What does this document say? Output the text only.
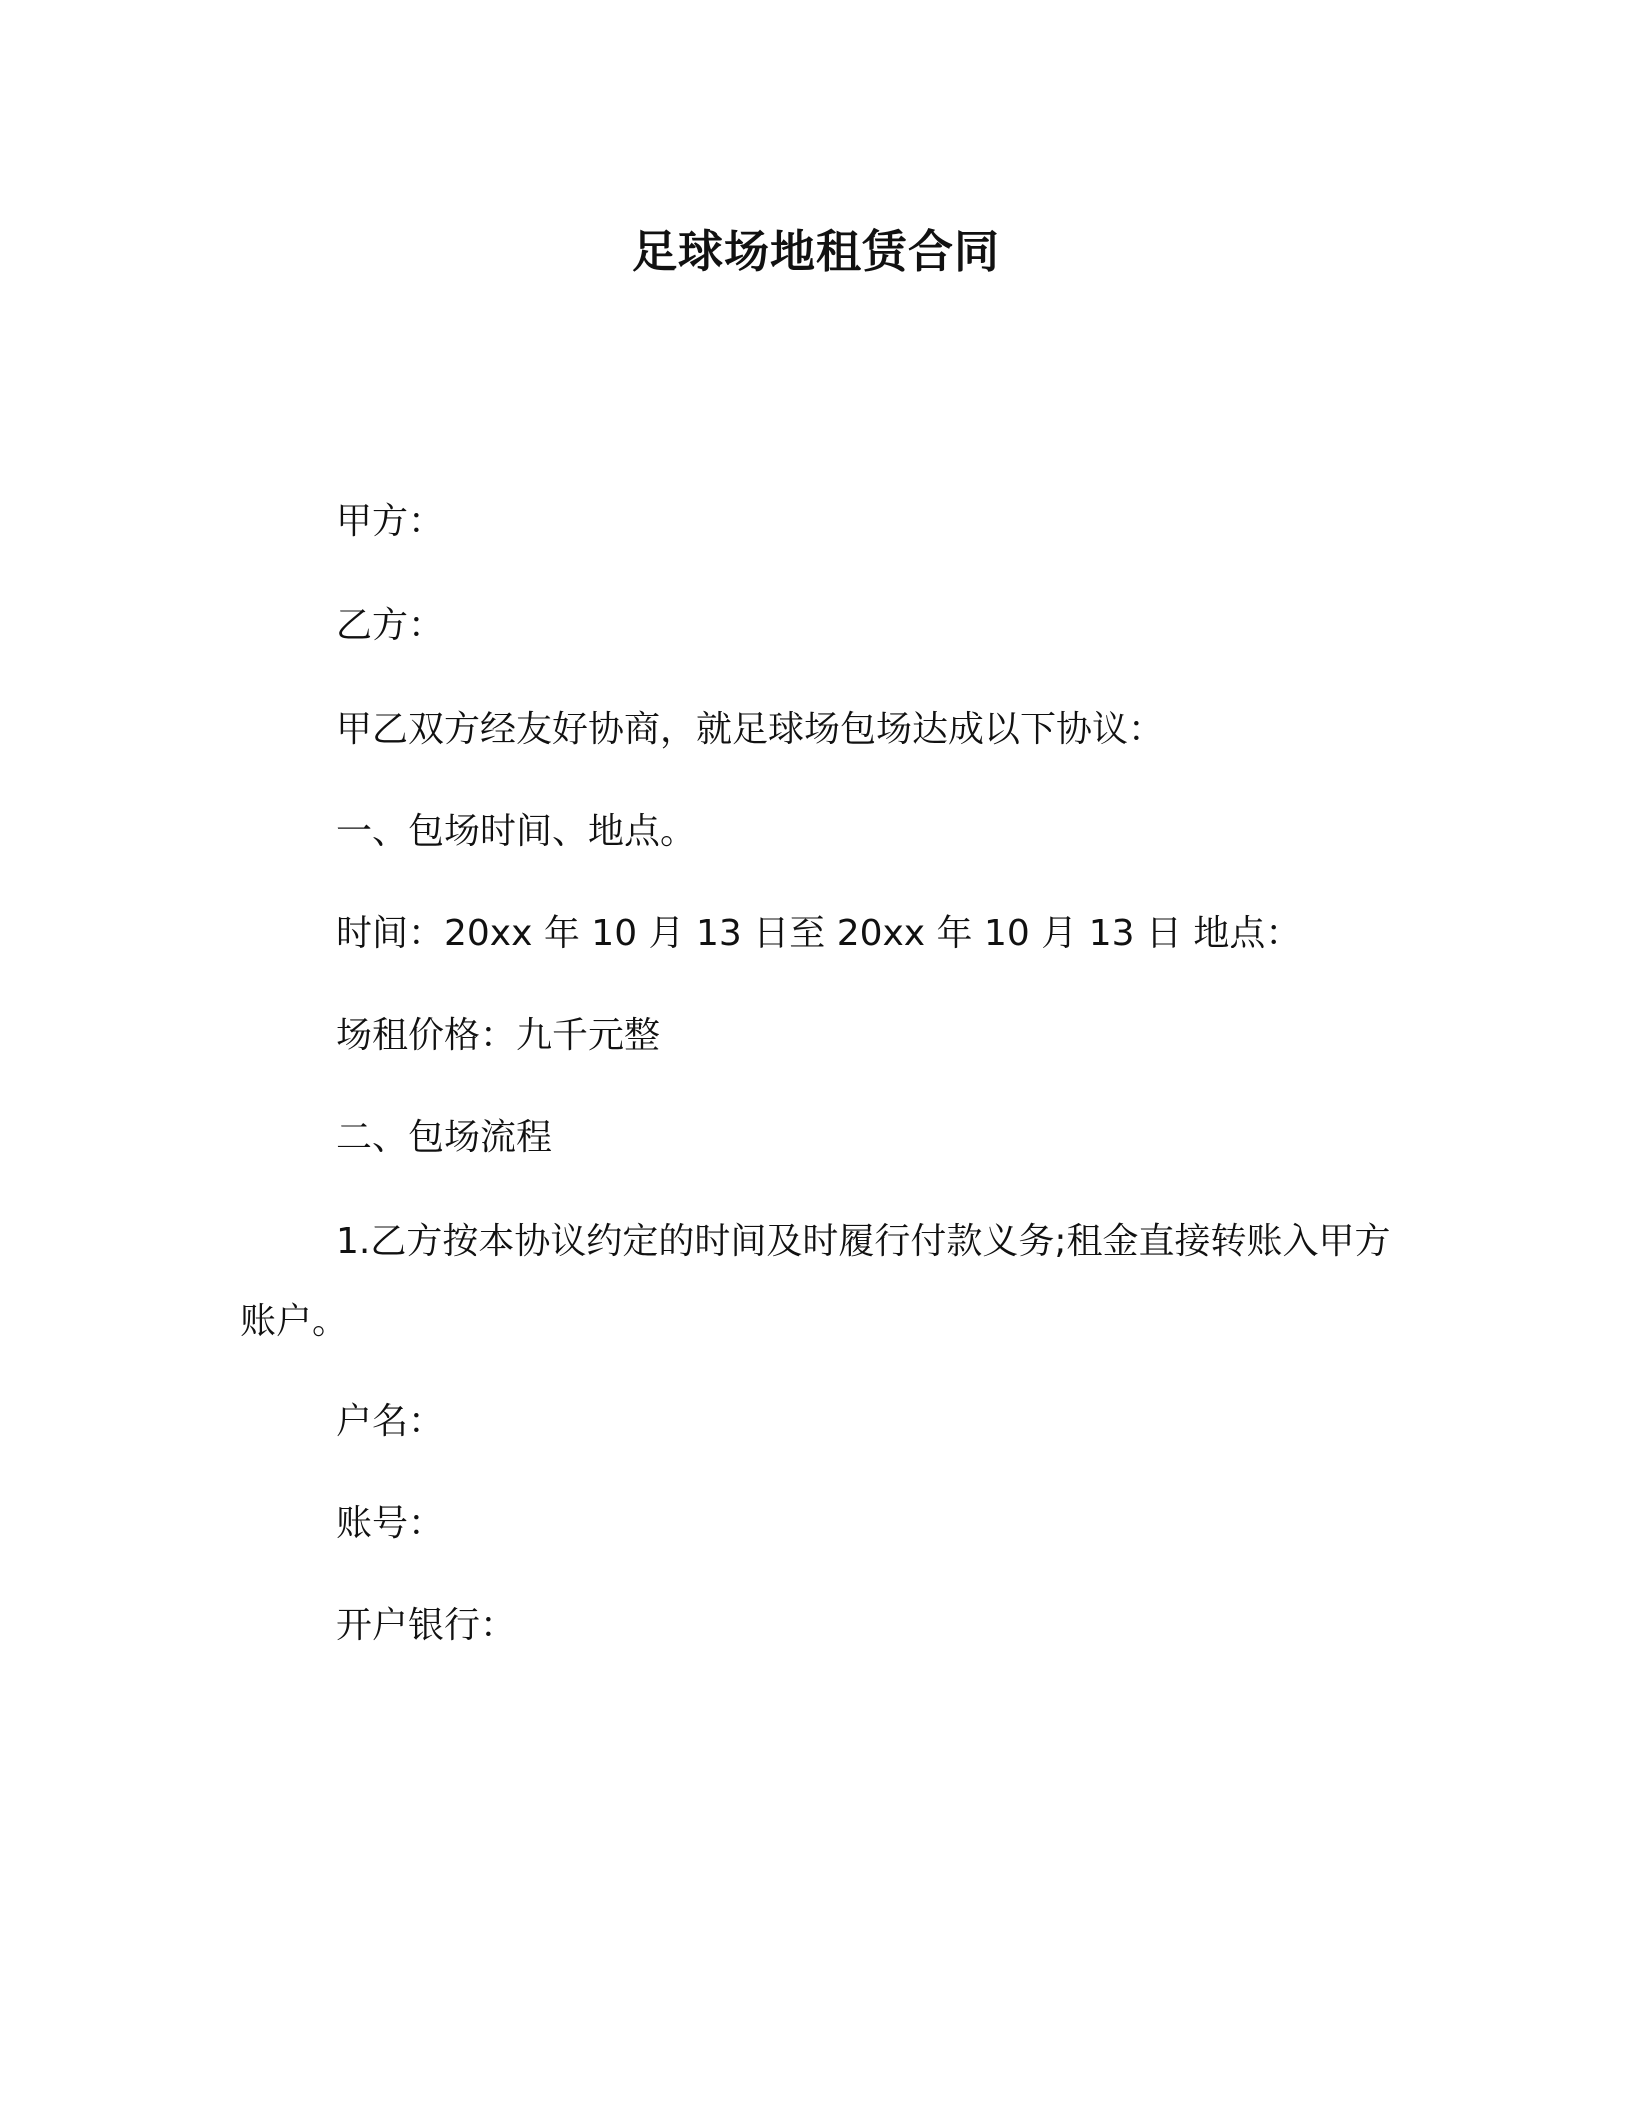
足球场地租赁合同
甲方：
乙方：
甲乙双方经友好协商，就足球场包场达成以下协议：
一、包场时间、地点。
时间：20xx 年 10 月 13 日至 20xx 年 10 月 13 日 地点：
场租价格：九千元整
二、包场流程
1.乙方按本协议约定的时间及时履行付款义务;租金直接转账入甲方账户。
户名：
账号：
开户银行：
